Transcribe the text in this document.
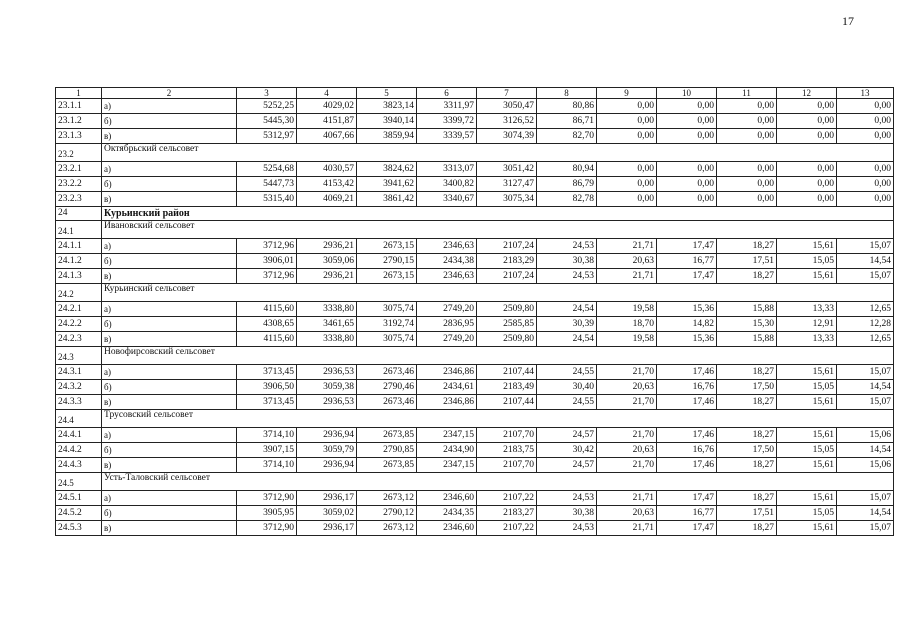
17
1	2	3	4	5	6	7	8	9	10	11	12	13
23.1.1	а)	5252,25	4029,02	3823,14	3311,97	3050,47	80,86	0,00	0,00	0,00	0,00	0,00
23.1.2	б)	5445,30	4151,87	3940,14	3399,72	3126,52	86,71	0,00	0,00	0,00	0,00	0,00
23.1.3	в)	5312,97	4067,66	3859,94	3339,57	3074,39	82,70	0,00	0,00	0,00	0,00	0,00
23.2	Октябрьский сельсовет											
23.2.1	а)	5254,68	4030,57	3824,62	3313,07	3051,42	80,94	0,00	0,00	0,00	0,00	0,00
23.2.2	б)	5447,73	4153,42	3941,62	3400,82	3127,47	86,79	0,00	0,00	0,00	0,00	0,00
23.2.3	в)	5315,40	4069,21	3861,42	3340,67	3075,34	82,78	0,00	0,00	0,00	0,00	0,00
24	Курьинский район											
24.1	Ивановский сельсовет											
24.1.1	а)	3712,96	2936,21	2673,15	2346,63	2107,24	24,53	21,71	17,47	18,27	15,61	15,07
24.1.2	б)	3906,01	3059,06	2790,15	2434,38	2183,29	30,38	20,63	16,77	17,51	15,05	14,54
24.1.3	в)	3712,96	2936,21	2673,15	2346,63	2107,24	24,53	21,71	17,47	18,27	15,61	15,07
24.2	Курьинский сельсовет											
24.2.1	а)	4115,60	3338,80	3075,74	2749,20	2509,80	24,54	19,58	15,36	15,88	13,33	12,65
24.2.2	б)	4308,65	3461,65	3192,74	2836,95	2585,85	30,39	18,70	14,82	15,30	12,91	12,28
24.2.3	в)	4115,60	3338,80	3075,74	2749,20	2509,80	24,54	19,58	15,36	15,88	13,33	12,65
24.3	Новофирсовский сельсовет											
24.3.1	а)	3713,45	2936,53	2673,46	2346,86	2107,44	24,55	21,70	17,46	18,27	15,61	15,07
24.3.2	б)	3906,50	3059,38	2790,46	2434,61	2183,49	30,40	20,63	16,76	17,50	15,05	14,54
24.3.3	в)	3713,45	2936,53	2673,46	2346,86	2107,44	24,55	21,70	17,46	18,27	15,61	15,07
24.4	Трусовский сельсовет											
24.4.1	а)	3714,10	2936,94	2673,85	2347,15	2107,70	24,57	21,70	17,46	18,27	15,61	15,06
24.4.2	б)	3907,15	3059,79	2790,85	2434,90	2183,75	30,42	20,63	16,76	17,50	15,05	14,54
24.4.3	в)	3714,10	2936,94	2673,85	2347,15	2107,70	24,57	21,70	17,46	18,27	15,61	15,06
24.5	Усть-Таловский сельсовет											
24.5.1	а)	3712,90	2936,17	2673,12	2346,60	2107,22	24,53	21,71	17,47	18,27	15,61	15,07
24.5.2	б)	3905,95	3059,02	2790,12	2434,35	2183,27	30,38	20,63	16,77	17,51	15,05	14,54
24.5.3	в)	3712,90	2936,17	2673,12	2346,60	2107,22	24,53	21,71	17,47	18,27	15,61	15,07
